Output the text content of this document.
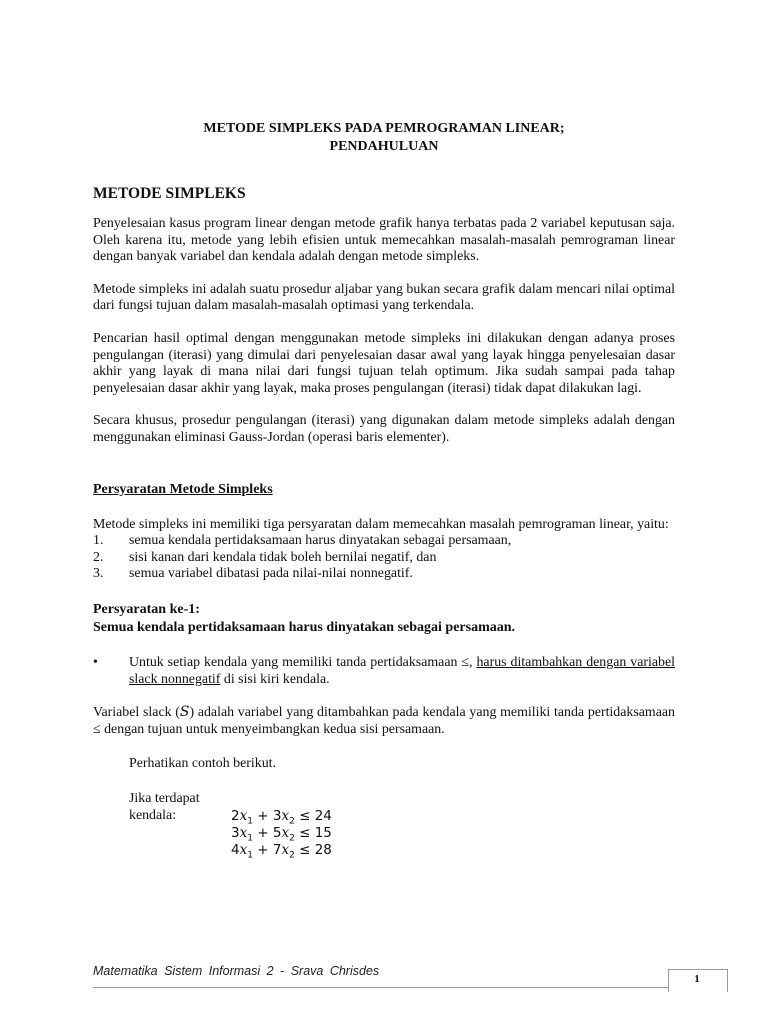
METODE SIMPLEKS PADA PEMROGRAMAN LINEAR;

PENDAHULUAN

METODE SIMPLEKS

Penyelesaian kasus program linear dengan metode grafik hanya terbatas pada 2 variabel keputusan saja. Oleh karena itu, metode yang lebih efisien untuk memecahkan masalah-masalah pemrograman linear dengan banyak variabel dan kendala adalah dengan metode simpleks.

Metode simpleks ini adalah suatu prosedur aljabar yang bukan secara grafik dalam mencari nilai optimal dari fungsi tujuan dalam masalah-masalah optimasi yang terkendala.

Pencarian hasil optimal dengan menggunakan metode simpleks ini dilakukan dengan adanya proses pengulangan (iterasi) yang dimulai dari penyelesaian dasar awal yang layak hingga penyelesaian dasar akhir yang layak di mana nilai dari fungsi tujuan telah optimum. Jika sudah sampai pada tahap penyelesaian dasar akhir yang layak, maka proses pengulangan (iterasi) tidak dapat dilakukan lagi.

Secara khusus, prosedur pengulangan (iterasi) yang digunakan dalam metode simpleks adalah dengan menggunakan eliminasi Gauss-Jordan (operasi baris elementer).

Persyaratan Metode Simpleks

Metode simpleks ini memiliki tiga persyaratan dalam memecahkan masalah pemrograman linear, yaitu:

1.	semua kendala pertidaksamaan harus dinyatakan sebagai persamaan,
2.	sisi kanan dari kendala tidak boleh bernilai negatif, dan
3.	semua variabel dibatasi pada nilai-nilai nonnegatif.
Persyaratan ke-1:
Semua kendala pertidaksamaan harus dinyatakan sebagai persamaan.
•	Untuk setiap kendala yang memiliki tanda pertidaksamaan ≤, harus ditambahkan dengan variabel slack nonnegatif di sisi kiri kendala.

Variabel slack (S) adalah variabel yang ditambahkan pada kendala yang memiliki tanda pertidaksamaan ≤ dengan tujuan untuk menyeimbangkan kedua sisi persamaan.

Perhatikan contoh berikut.

Jika terdapat
kendala:	$2x_1 + 3x_2 \le 24$
$3x_1 + 5x_2 \le 15$
$4x_1 + 7x_2 \le 28$
Matematika Sistem Informasi 2 - Srava Chrisdes
1
